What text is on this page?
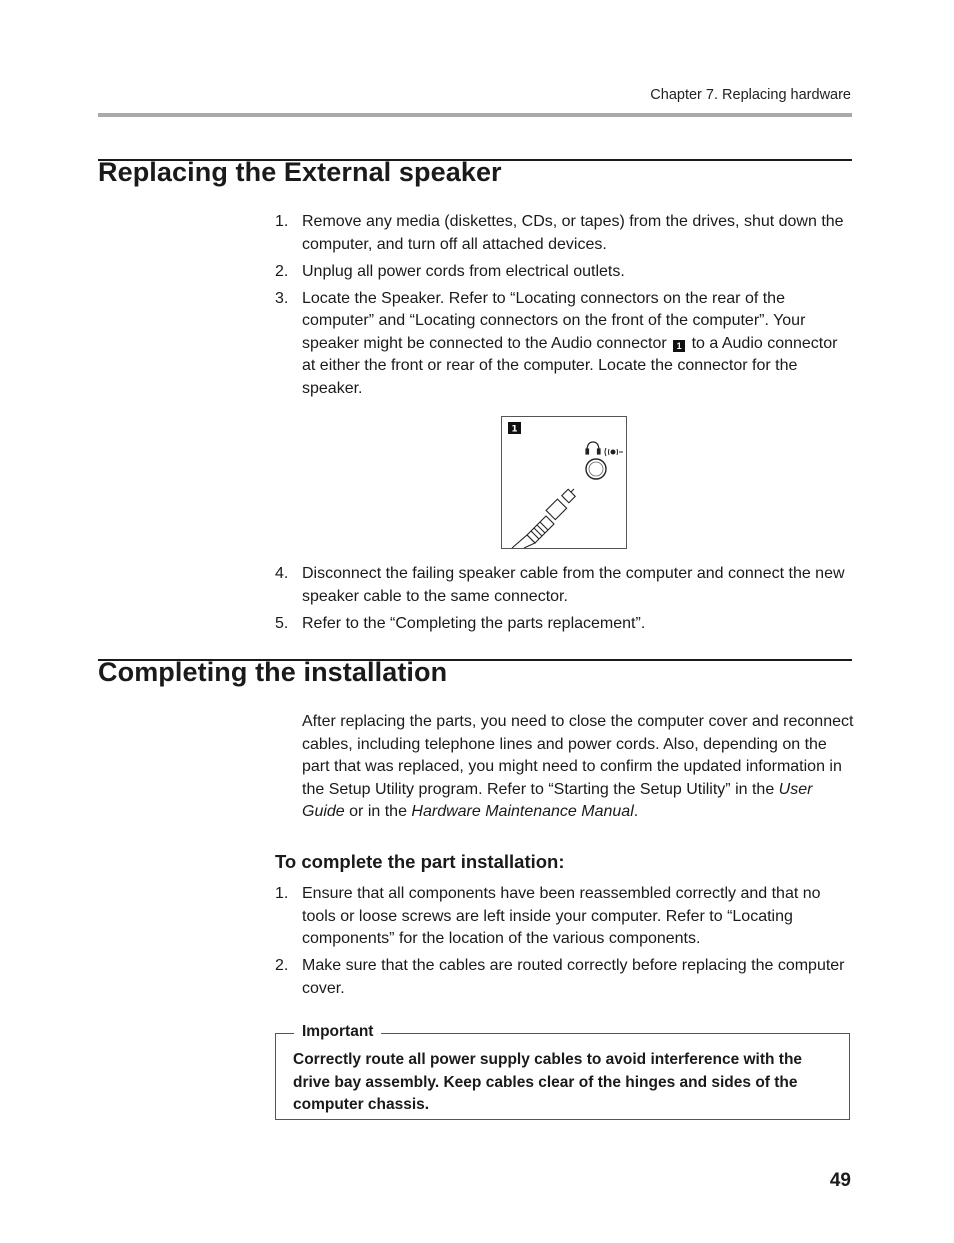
Chapter 7. Replacing hardware
Replacing the External speaker
1. Remove any media (diskettes, CDs, or tapes) from the drives, shut down the computer, and turn off all attached devices.
2. Unplug all power cords from electrical outlets.
3. Locate the Speaker. Refer to “Locating connectors on the rear of the computer” and “Locating connectors on the front of the computer”. Your speaker might be connected to the Audio connector 1 to a Audio connector at either the front or rear of the computer. Locate the connector for the speaker.
1
4. Disconnect the failing speaker cable from the computer and connect the new speaker cable to the same connector.
5. Refer to the “Completing the parts replacement”.
Completing the installation

After replacing the parts, you need to close the computer cover and reconnect cables, including telephone lines and power cords. Also, depending on the part that was replaced, you might need to confirm the updated information in the Setup Utility program. Refer to “Starting the Setup Utility” in the User Guide or in the Hardware Maintenance Manual.

To complete the part installation:
1. Ensure that all components have been reassembled correctly and that no tools or loose screws are left inside your computer. Refer to “Locating components” for the location of the various components.
2. Make sure that the cables are routed correctly before replacing the computer cover.
Important

Correctly route all power supply cables to avoid interference with the drive bay assembly. Keep cables clear of the hinges and sides of the computer chassis.

49
